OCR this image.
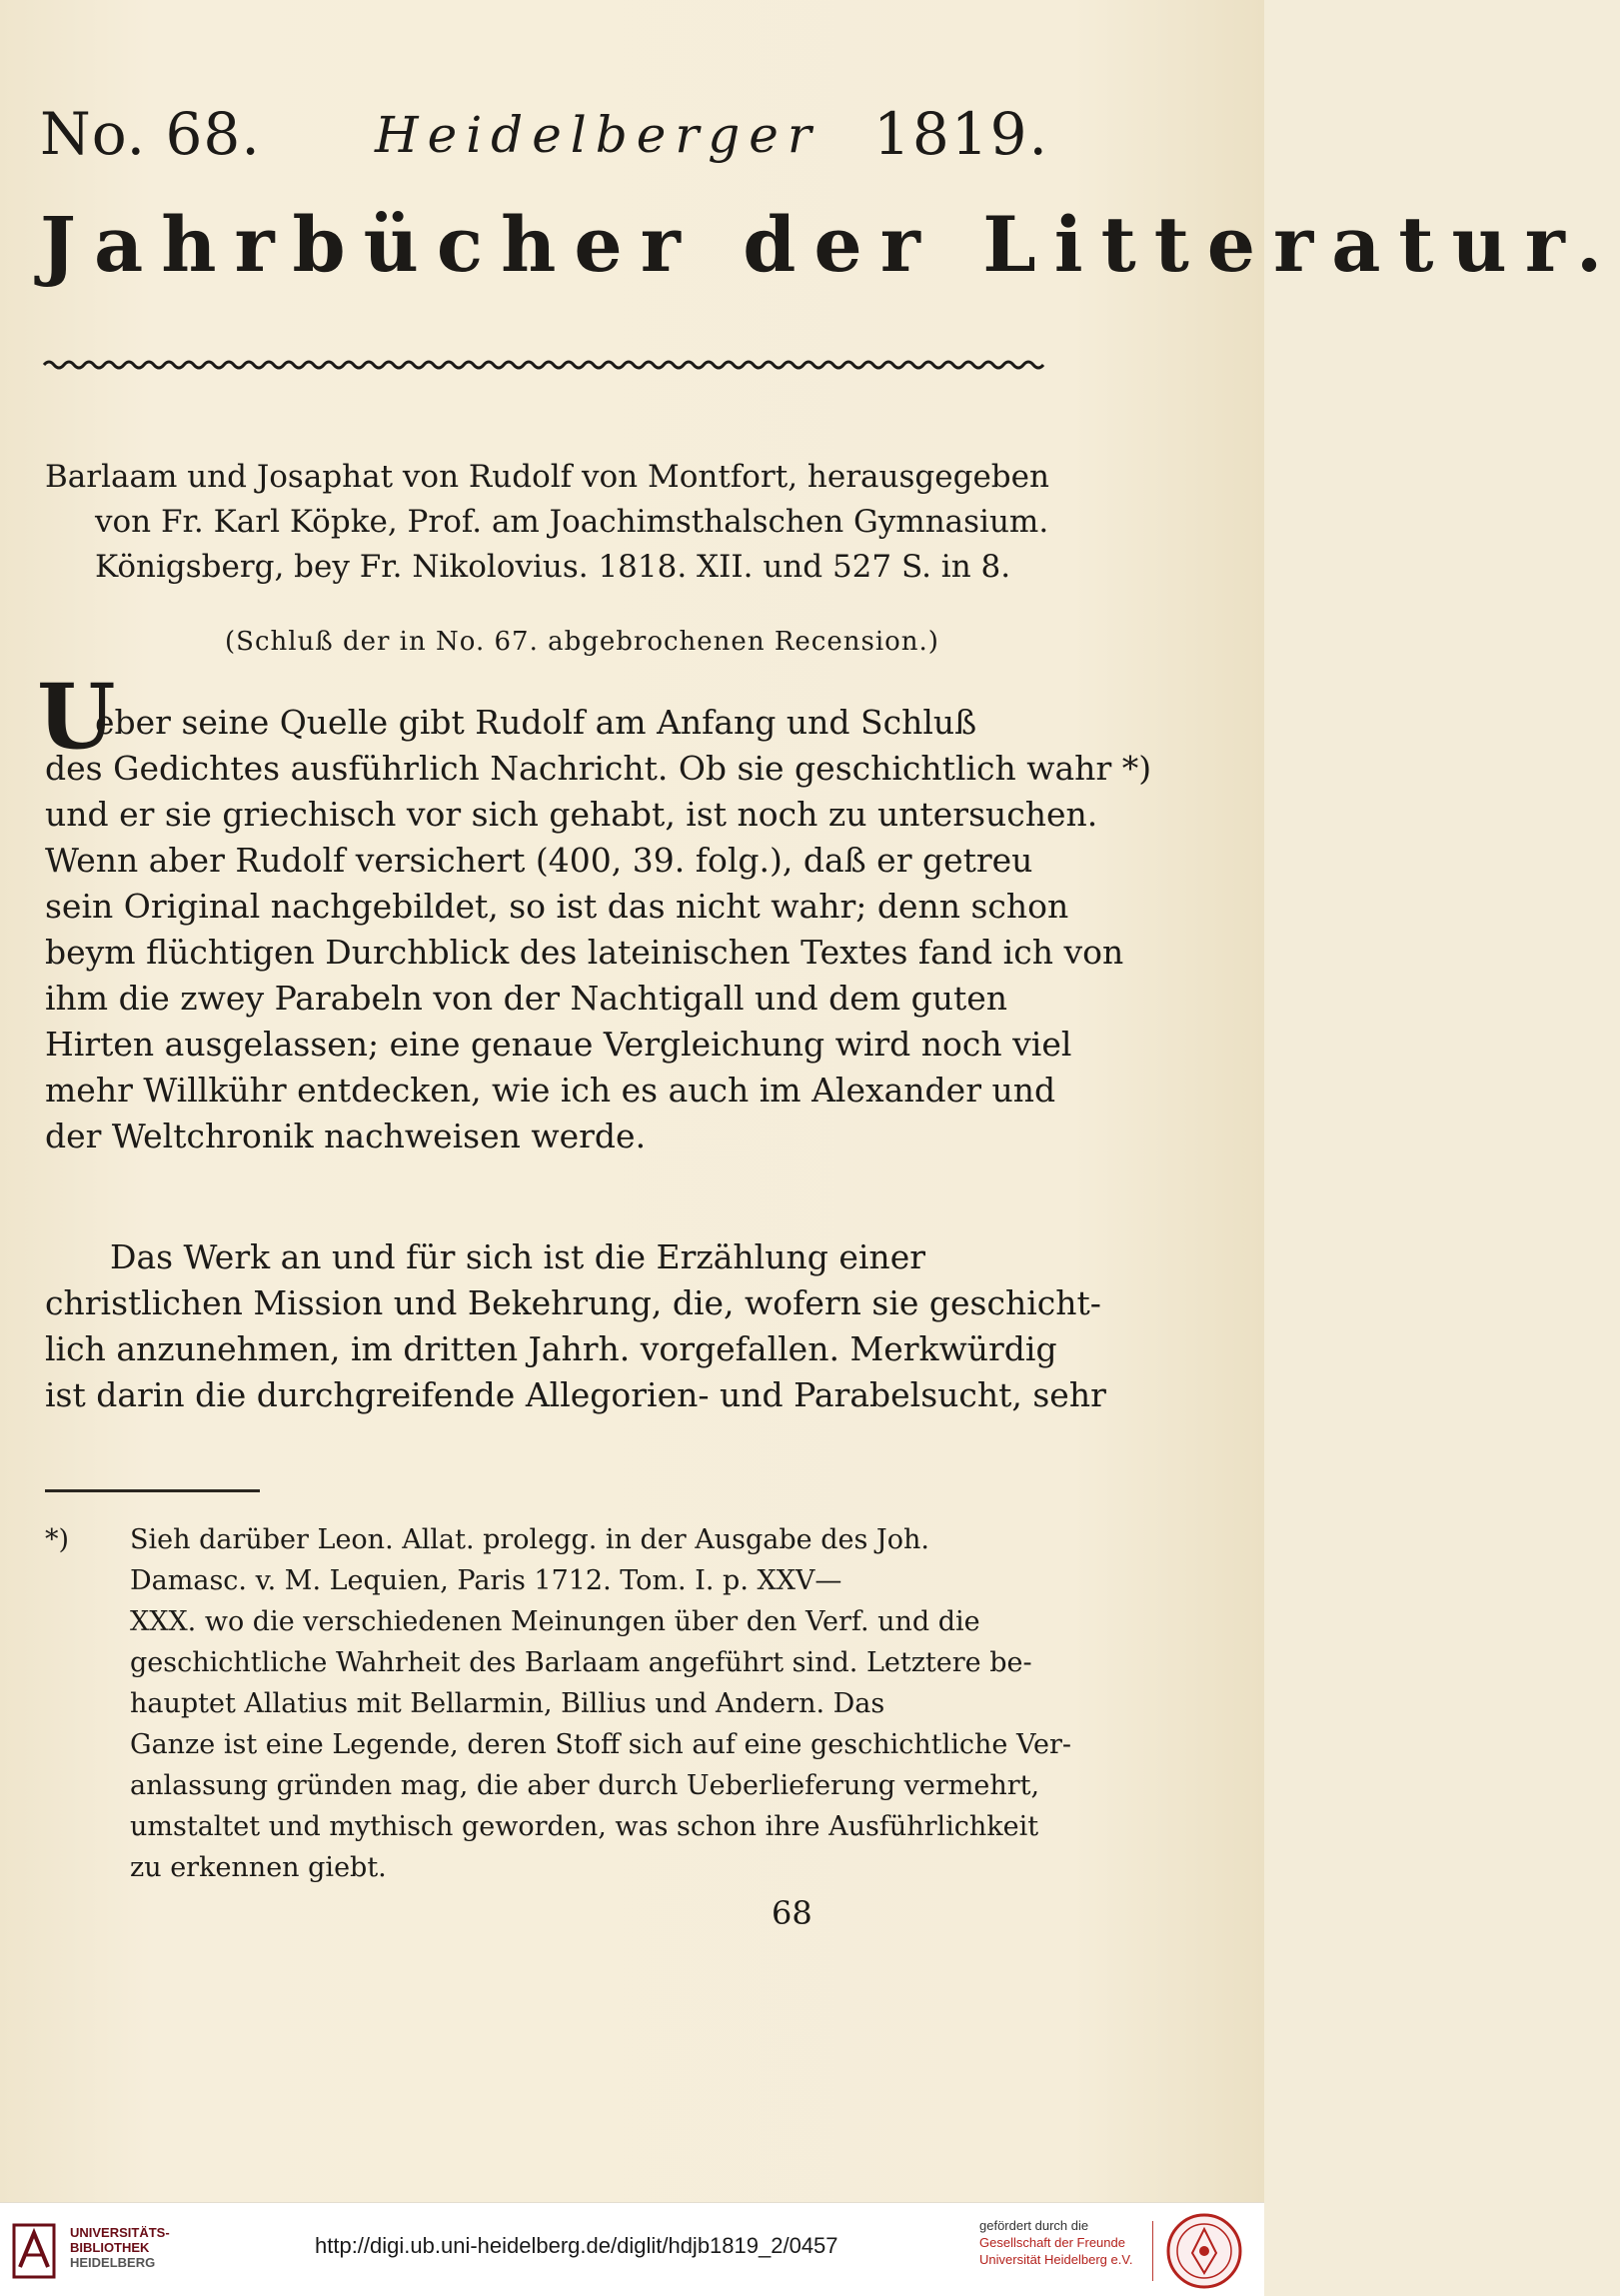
No. 68. Heidelberger 1819.
Jahrbücher der Litteratur.
Barlaam und Josaphat von Rudolf von Montfort, herausgegeben
von Fr. Karl Köpke, Prof. am Joachimsthalschen Gymnasium.
Königsberg, bey Fr. Nikolovius. 1818. XII. und 527 S. in 8.
(Schluß der in No. 67. abgebrochenen Recension.)
U
eber seine Quelle gibt Rudolf am Anfang und Schluß
des Gedichtes ausführlich Nachricht. Ob sie geschichtlich wahr *)
und er sie griechisch vor sich gehabt, ist noch zu untersuchen.
Wenn aber Rudolf versichert (400, 39. folg.), daß er getreu
sein Original nachgebildet, so ist das nicht wahr; denn schon
beym flüchtigen Durchblick des lateinischen Textes fand ich von
ihm die zwey Parabeln von der Nachtigall und dem guten
Hirten ausgelassen; eine genaue Vergleichung wird noch viel
mehr Willkühr entdecken, wie ich es auch im Alexander und
der Weltchronik nachweisen werde.
Das Werk an und für sich ist die Erzählung einer
christlichen Mission und Bekehrung, die, wofern sie geschicht-
lich anzunehmen, im dritten Jahrh. vorgefallen. Merkwürdig
ist darin die durchgreifende Allegorien- und Parabelsucht, sehr
*)	Sieh darüber Leon. Allat. prolegg. in der Ausgabe des Joh.
Damasc. v. M. Lequien, Paris 1712. Tom. I. p. XXV—
XXX. wo die verschiedenen Meinungen über den Verf. und die
geschichtliche Wahrheit des Barlaam angeführt sind. Letztere be-
hauptet Allatius mit Bellarmin, Billius und Andern. Das
Ganze ist eine Legende, deren Stoff sich auf eine geschichtliche Ver-
anlassung gründen mag, die aber durch Ueberlieferung vermehrt,
umstaltet und mythisch geworden, was schon ihre Ausführlichkeit
zu erkennen giebt.
68
UNIVERSITÄTS-
BIBLIOTHEK
HEIDELBERG
http://digi.ub.uni-heidelberg.de/diglit/hdjb1819_2/0457
gefördert durch die
Gesellschaft der Freunde
Universität Heidelberg e.V.
